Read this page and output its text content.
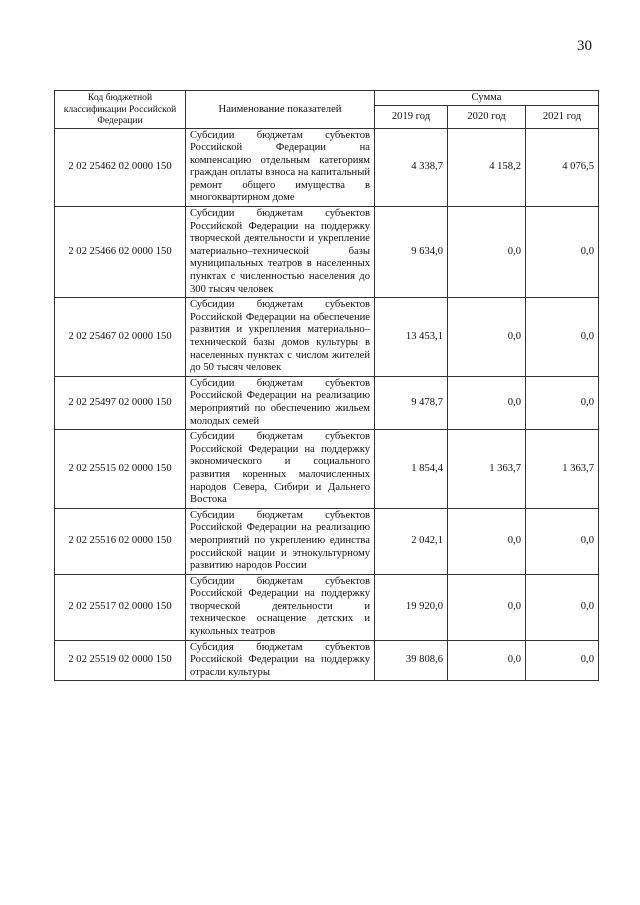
30
Код бюджетной классификации Российской Федерации	Наименование показателей	Сумма		
		2019 год	2020 год	2021 год
2 02 25462 02 0000 150	Субсидии бюджетам субъектов Российской Федерации на компенсацию отдельным категориям граждан оплаты взноса на капитальный ремонт общего имущества в многоквартирном доме	4 338,7	4 158,2	4 076,5
2 02 25466 02 0000 150	Субсидии бюджетам субъектов Российской Федерации на поддержку творческой деятельности и укрепление материально–технической базы муниципальных театров в населенных пунктах с численностью населения до 300 тысяч человек	9 634,0	0,0	0,0
2 02 25467 02 0000 150	Субсидии бюджетам субъектов Российской Федерации на обеспечение развития и укрепления материально–технической базы домов культуры в населенных пунктах с числом жителей до 50 тысяч человек	13 453,1	0,0	0,0
2 02 25497 02 0000 150	Субсидии бюджетам субъектов Российской Федерации на реализацию мероприятий по обеспечению жильем молодых семей	9 478,7	0,0	0,0
2 02 25515 02 0000 150	Субсидии бюджетам субъектов Российской Федерации на поддержку экономического и социального развития коренных малочисленных народов Севера, Сибири и Дальнего Востока	1 854,4	1 363,7	1 363,7
2 02 25516 02 0000 150	Субсидии бюджетам субъектов Российской Федерации на реализацию мероприятий по укреплению единства российской нации и этнокультурному развитию народов России	2 042,1	0,0	0,0
2 02 25517 02 0000 150	Субсидии бюджетам субъектов Российской Федерации на поддержку творческой деятельности и техническое оснащение детских и кукольных театров	19 920,0	0,0	0,0
2 02 25519 02 0000 150	Субсидия бюджетам субъектов Российской Федерации на поддержку отрасли культуры	39 808,6	0,0	0,0
